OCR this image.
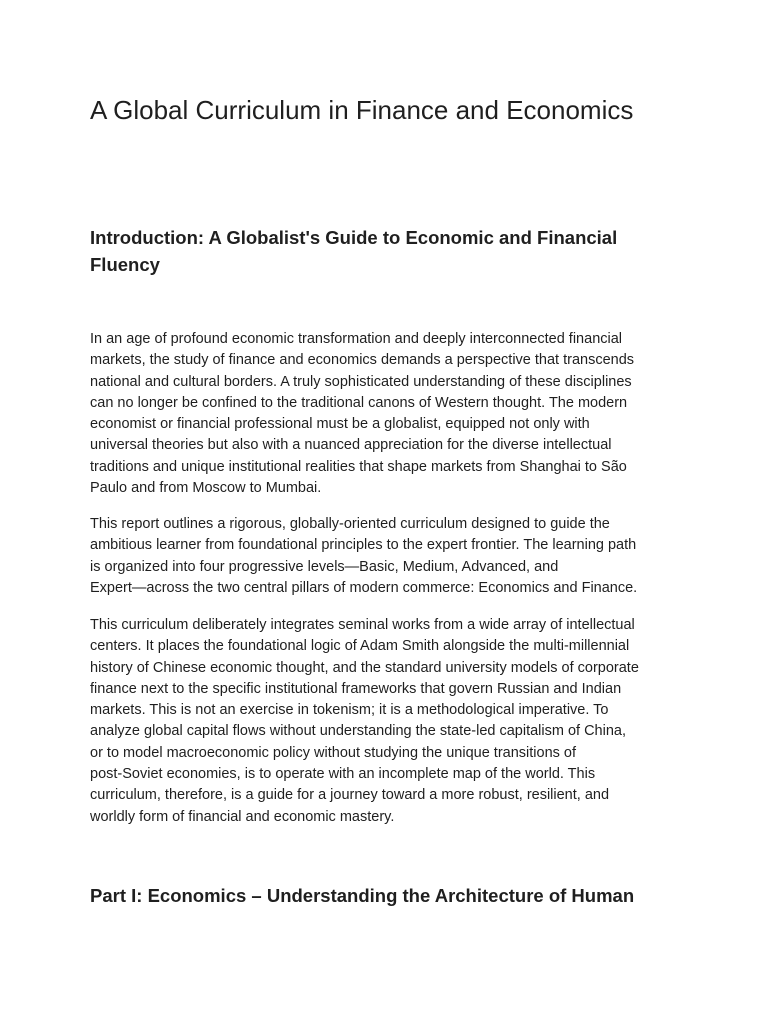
A Global Curriculum in Finance and Economics
Introduction: A Globalist's Guide to Economic and Financial
Fluency

In an age of profound economic transformation and deeply interconnected financial
markets, the study of finance and economics demands a perspective that transcends
national and cultural borders. A truly sophisticated understanding of these disciplines
can no longer be confined to the traditional canons of Western thought. The modern
economist or financial professional must be a globalist, equipped not only with
universal theories but also with a nuanced appreciation for the diverse intellectual
traditions and unique institutional realities that shape markets from Shanghai to São
Paulo and from Moscow to Mumbai.

This report outlines a rigorous, globally-oriented curriculum designed to guide the
ambitious learner from foundational principles to the expert frontier. The learning path
is organized into four progressive levels—Basic, Medium, Advanced, and
Expert—across the two central pillars of modern commerce: Economics and Finance.

This curriculum deliberately integrates seminal works from a wide array of intellectual
centers. It places the foundational logic of Adam Smith alongside the multi-millennial
history of Chinese economic thought, and the standard university models of corporate
finance next to the specific institutional frameworks that govern Russian and Indian
markets. This is not an exercise in tokenism; it is a methodological imperative. To
analyze global capital flows without understanding the state-led capitalism of China,
or to model macroeconomic policy without studying the unique transitions of
post-Soviet economies, is to operate with an incomplete map of the world. This
curriculum, therefore, is a guide for a journey toward a more robust, resilient, and
worldly form of financial and economic mastery.

Part I: Economics – Understanding the Architecture of Human
